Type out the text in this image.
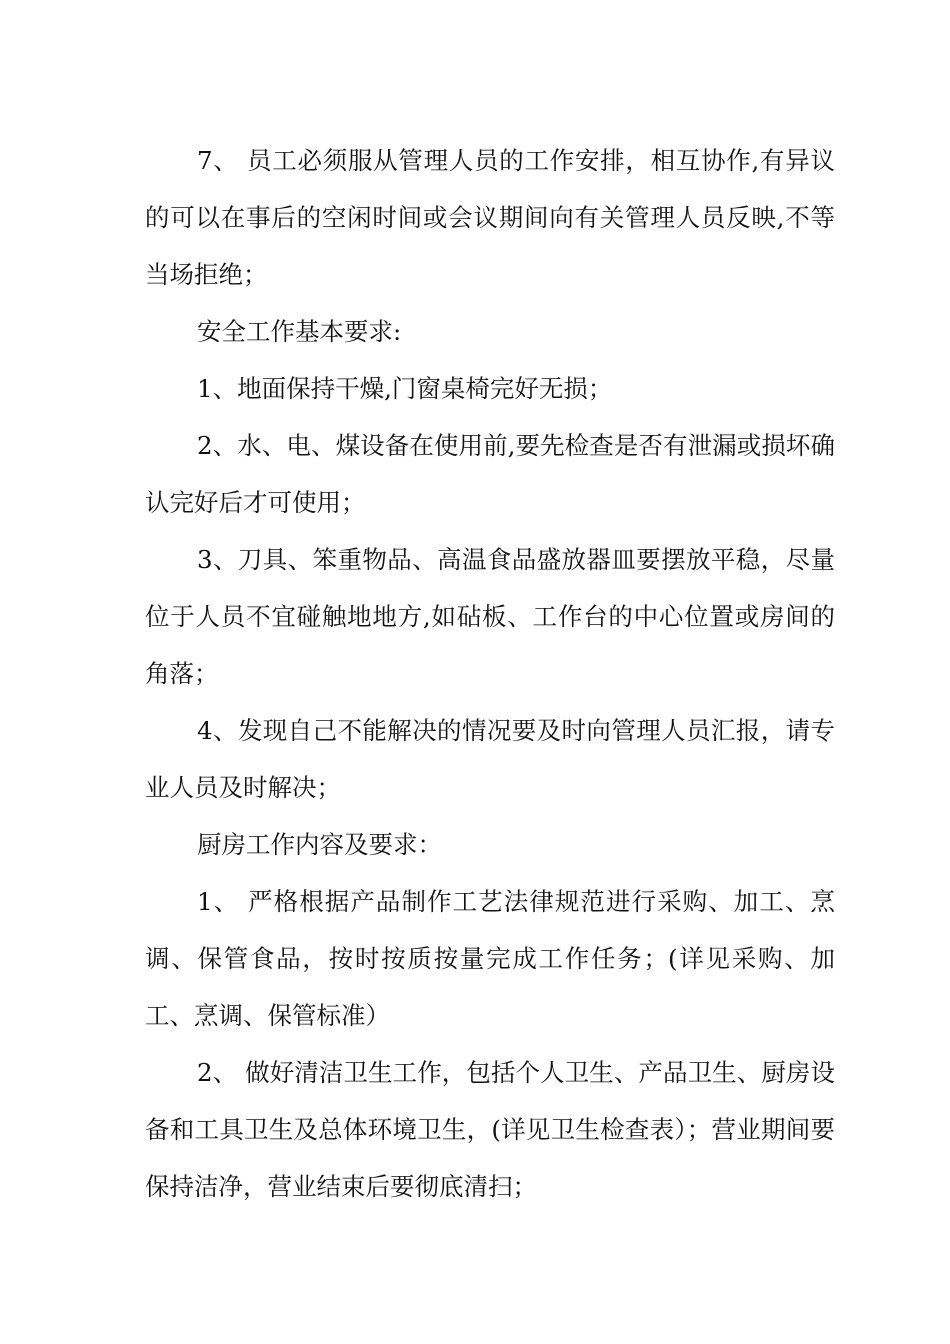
7、 员工必须服从管理人员的工作安排，相互协作,有异议的可以在事后的空闲时间或会议期间向有关管理人员反映,不等当场拒绝；

安全工作基本要求:

1、地面保持干燥,门窗桌椅完好无损；

2、水、电、煤设备在使用前,要先检查是否有泄漏或损坏确认完好后才可使用；

3、刀具、笨重物品、高温食品盛放器皿要摆放平稳，尽量位于人员不宜碰触地地方,如砧板、工作台的中心位置或房间的角落；

4、发现自己不能解决的情况要及时向管理人员汇报，请专业人员及时解决；

厨房工作内容及要求：

1、 严格根据产品制作工艺法律规范进行采购、加工、烹调、保管食品，按时按质按量完成工作任务；(详见采购、加工、烹调、保管标准）

2、 做好清洁卫生工作，包括个人卫生、产品卫生、厨房设备和工具卫生及总体环境卫生，(详见卫生检查表）；营业期间要保持洁净，营业结束后要彻底清扫；
